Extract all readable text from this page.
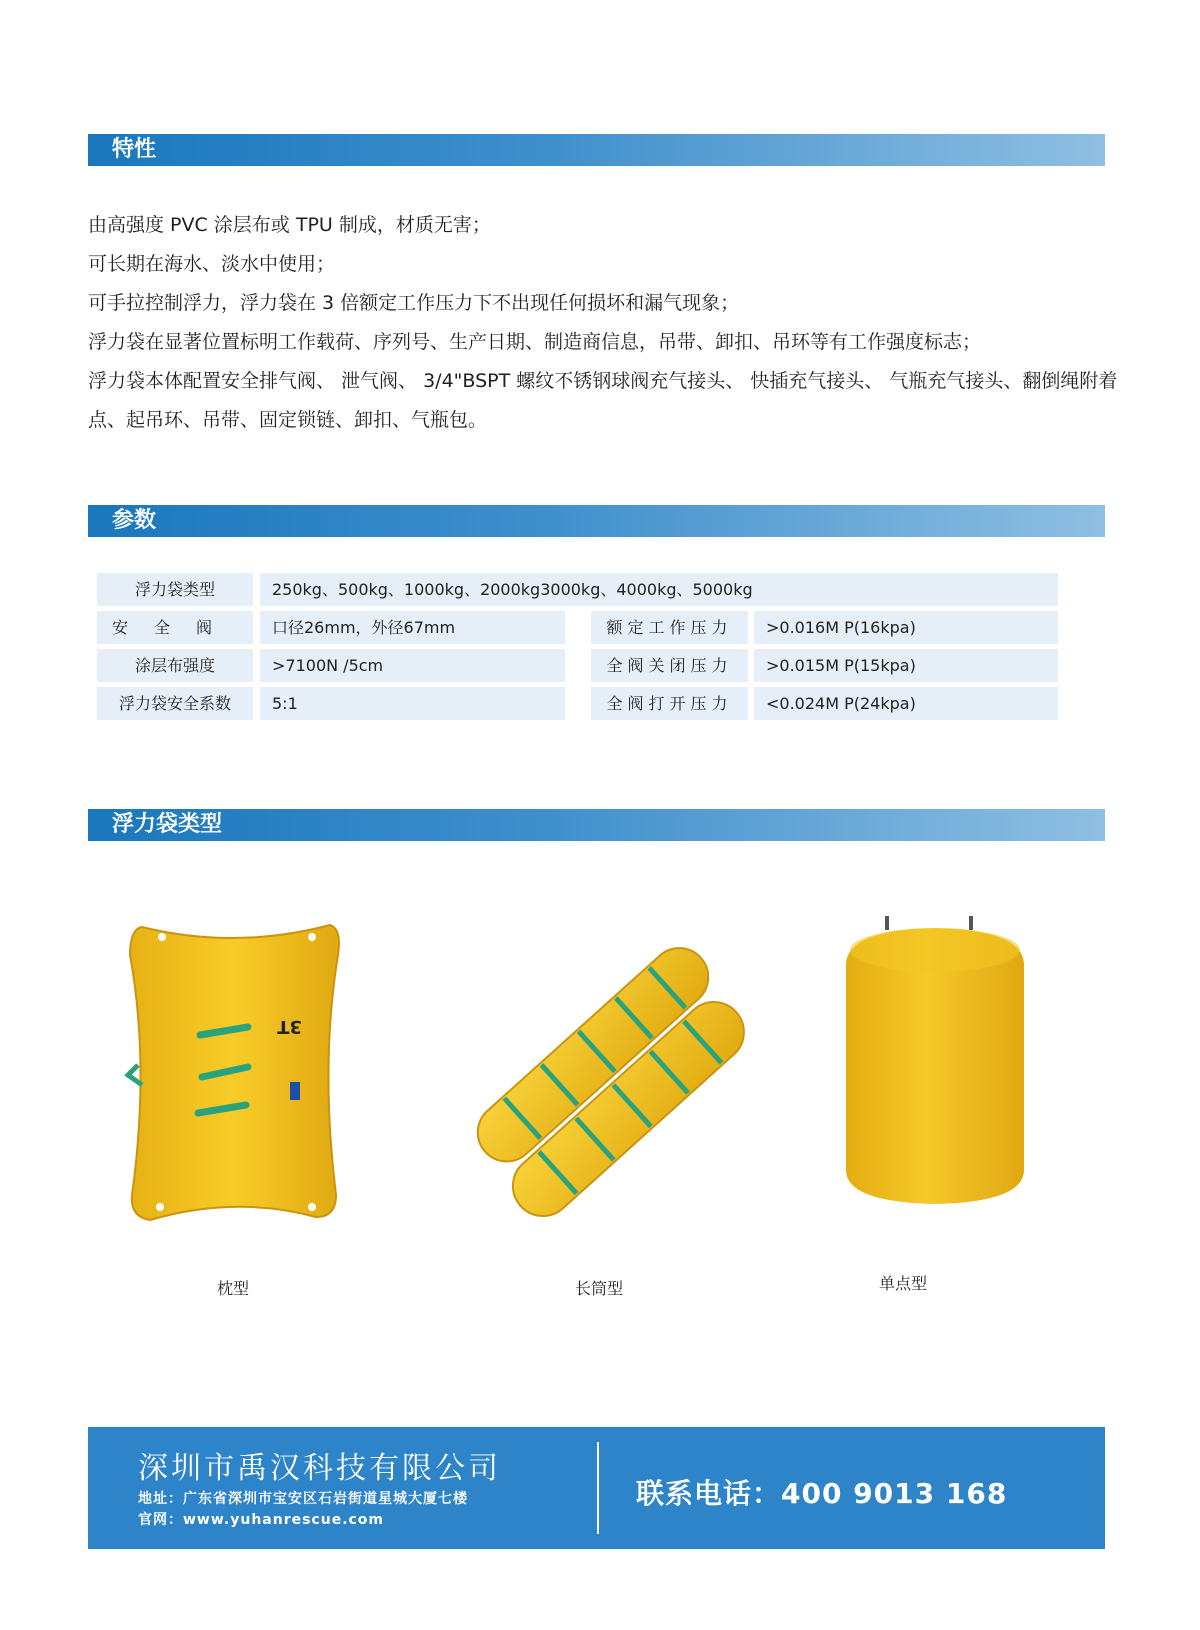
特性

由高强度 PVC 涂层布或 TPU 制成，材质无害；

可长期在海水、淡水中使用；

可手拉控制浮力，浮力袋在 3 倍额定工作压力下不出现任何损坏和漏气现象；

浮力袋在显著位置标明工作载荷、序列号、生产日期、制造商信息，吊带、卸扣、吊环等有工作强度标志；

浮力袋本体配置安全排气阀、 泄气阀、 3/4"BSPT 螺纹不锈钢球阀充气接头、 快插充气接头、 气瓶充气接头、翻倒绳附着点、起吊环、吊带、固定锁链、卸扣、气瓶包。

参数
浮力袋类型	250kg、500kg、1000kg、2000kg3000kg、4000kg、5000kg
安全阀	口径26mm，外径67mm	额定工作压力	>0.016M P(16kpa)
涂层布强度	>7100N /5cm	全阀关闭压力	>0.015M P(15kpa)
浮力袋安全系数	5:1	全阀打开压力	<0.024M P(24kpa)
浮力袋类型
3T
枕型	长筒型	单点型
深圳市禹汉科技有限公司
地址：广东省深圳市宝安区石岩街道星城大厦七楼
官网：www.yuhanrescue.com
联系电话：400 9013 168
